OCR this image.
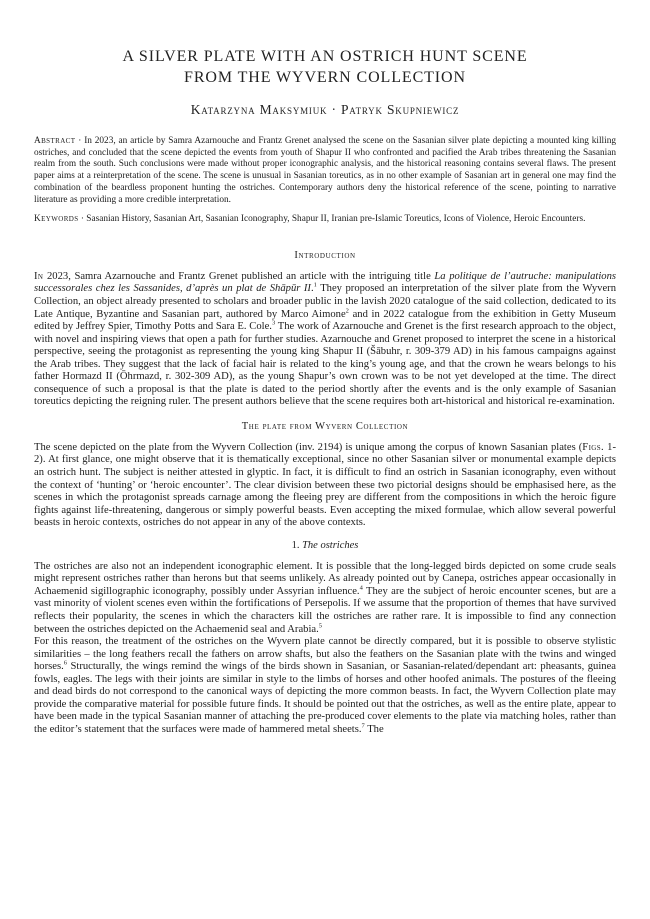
A SILVER PLATE WITH AN OSTRICH HUNT SCENE
FROM THE WYVERN COLLECTION
Katarzyna Maksymiuk · Patryk Skupniewicz

Abstract · In 2023, an article by Samra Azarnouche and Frantz Grenet analysed the scene on the Sasanian silver plate depicting a mounted king killing ostriches, and concluded that the scene depicted the events from youth of Shapur II who confronted and pacified the Arab tribes threatening the Sasanian realm from the south. Such conclusions were made without proper iconographic analysis, and the historical reasoning contains several flaws. The present paper aims at a reinterpretation of the scene. The scene is unusual in Sasanian toreutics, as in no other example of Sasanian art in general one may find the combination of the beardless proponent hunting the ostriches. Contemporary authors deny the historical reference of the scene, pointing to narrative literature as providing a more credible interpretation.

Keywords · Sasanian History, Sasanian Art, Sasanian Iconography, Shapur II, Iranian pre-Islamic Toreutics, Icons of Violence, Heroic Encounters.

Introduction

In 2023, Samra Azarnouche and Frantz Grenet published an article with the intriguing title La politique de l’autruche: manipulations successorales chez les Sassanides, d’après un plat de Shāpūr II.$^1$ They proposed an interpretation of the silver plate from the Wyvern Collection, an object already presented to scholars and broader public in the lavish 2020 catalogue of the said collection, dedicated to its Late Antique, Byzantine and Sasanian part, authored by Marco Aimone$^2$ and in 2022 catalogue from the exhibition in Getty Museum edited by Jeffrey Spier, Timothy Potts and Sara E. Cole.$^3$ The work of Azarnouche and Grenet is the first research approach to the object, with novel and inspiring views that open a path for further studies. Azarnouche and Grenet proposed to interpret the scene in a historical perspective, seeing the protagonist as representing the young king Shapur II (Šābuhr, r. 309-379 AD) in his famous campaigns against the Arab tribes. They suggest that the lack of facial hair is related to the king’s young age, and that the crown he wears belongs to his father Hormazd II (Ōhrmazd, r. 302-309 AD), as the young Shapur’s own crown was to be not yet developed at the time. The direct consequence of such a proposal is that the plate is dated to the period shortly after the events and is the only example of Sasanian toreutics depicting the reigning ruler. The present authors believe that the scene requires both art-historical and historical re-examination.

The plate from Wyvern Collection

The scene depicted on the plate from the Wyvern Collection (inv. 2194) is unique among the corpus of known Sasanian plates (Figs. 1-2). At first glance, one might observe that it is thematically exceptional, since no other Sasanian silver or monumental example depicts an ostrich hunt. The subject is neither attested in glyptic. In fact, it is difficult to find an ostrich in Sasanian iconography, even without the context of ‘hunting’ or ‘heroic encounter’. The clear division between these two pictorial designs should be emphasised here, as the scenes in which the protagonist spreads carnage among the fleeing prey are different from the compositions in which the heroic figure fights against life-threatening, dangerous or simply powerful beasts. Even accepting the mixed formulae, which allow several powerful beasts in heroic contexts, ostriches do not appear in any of the above contexts.

1. The ostriches

The ostriches are also not an independent iconographic element. It is possible that the long-legged birds depicted on some crude seals might represent ostriches rather than herons but that seems unlikely. As already pointed out by Canepa, ostriches appear occasionally in Achaemenid sigillographic iconography, possibly under Assyrian influence.$^4$ They are the subject of heroic encounter scenes, but are a vast minority of violent scenes even within the fortifications of Persepolis. If we assume that the proportion of themes that have survived reflects their popularity, the scenes in which the characters kill the ostriches are rather rare. It is impossible to find any connection between the ostriches depicted on the Achaemenid seal and Arabia.$^5$

For this reason, the treatment of the ostriches on the Wyvern plate cannot be directly compared, but it is possible to observe stylistic similarities – the long feathers recall the fathers on arrow shafts, but also the feathers on the Sasanian plate with the twins and winged horses.$^6$ Structurally, the wings remind the wings of the birds shown in Sasanian, or Sasanian-related/dependant art: pheasants, guinea fowls, eagles. The legs with their joints are similar in style to the limbs of horses and other hoofed animals. The postures of the fleeing and dead birds do not correspond to the canonical ways of depicting the more common beasts. In fact, the Wyvern Collection plate may provide the comparative material for possible future finds. It should be pointed out that the ostriches, as well as the entire plate, appear to have been made in the typical Sasanian manner of attaching the pre-produced cover elements to the plate via matching holes, rather than the editor’s statement that the surfaces were made of hammered metal sheets.$^7$ The
